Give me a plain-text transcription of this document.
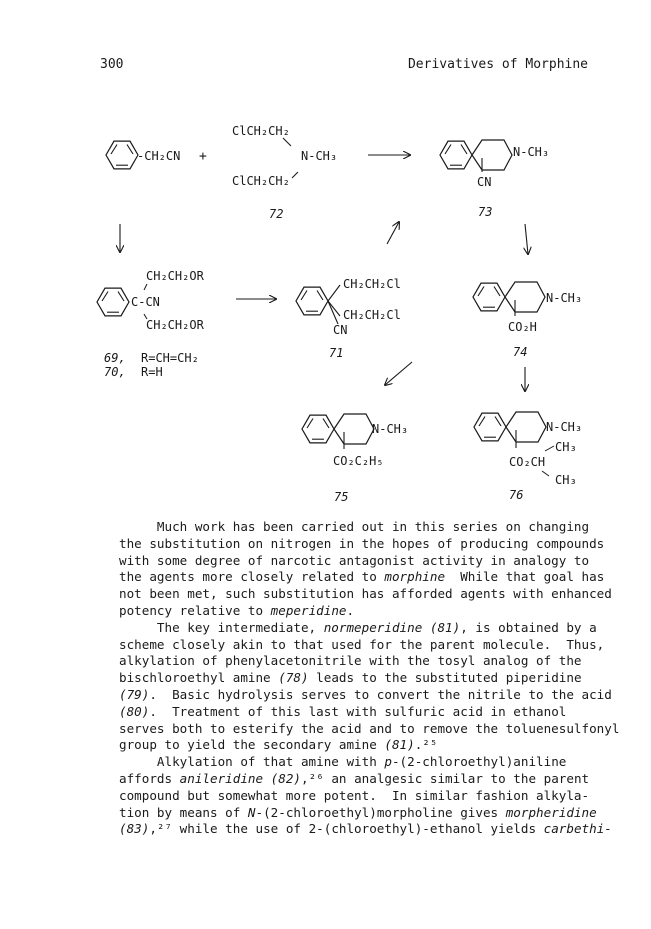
300	Derivatives of Morphine
-CH₂CN +
ClCH₂CH₂
N-CH₃
ClCH₂CH₂
72
N-CH₃
CN
73
CH₂CH₂OR
C-CN
CH₂CH₂OR
69, R=CH=CH₂
70, R=H
CH₂CH₂Cl
CH₂CH₂Cl
CN
71
N-CH₃
CO₂H
74
N-CH₃
CO₂C₂H₅
75
N-CH₃
CH₃
CO₂CH
CH₃
76
Much work has been carried out in this series on changing
the substitution on nitrogen in the hopes of producing compounds
with some degree of narcotic antagonist activity in analogy to
the agents more closely related to morphine  While that goal has
not been met, such substitution has afforded agents with enhanced
potency relative to meperidine.
The key intermediate, normeperidine (81), is obtained by a
scheme closely akin to that used for the parent molecule.  Thus,
alkylation of phenylacetonitrile with the tosyl analog of the
bischloroethyl amine (78) leads to the substituted piperidine
(79).  Basic hydrolysis serves to convert the nitrile to the acid
(80).  Treatment of this last with sulfuric acid in ethanol
serves both to esterify the acid and to remove the toluenesulfonyl
group to yield the secondary amine (81).²⁵
Alkylation of that amine with p-(2-chloroethyl)aniline
affords anileridine (82),²⁶ an analgesic similar to the parent
compound but somewhat more potent.  In similar fashion alkyla-
tion by means of N-(2-chloroethyl)morpholine gives morpheridine
(83),²⁷ while the use of 2-(chloroethyl)-ethanol yields carbethi-
